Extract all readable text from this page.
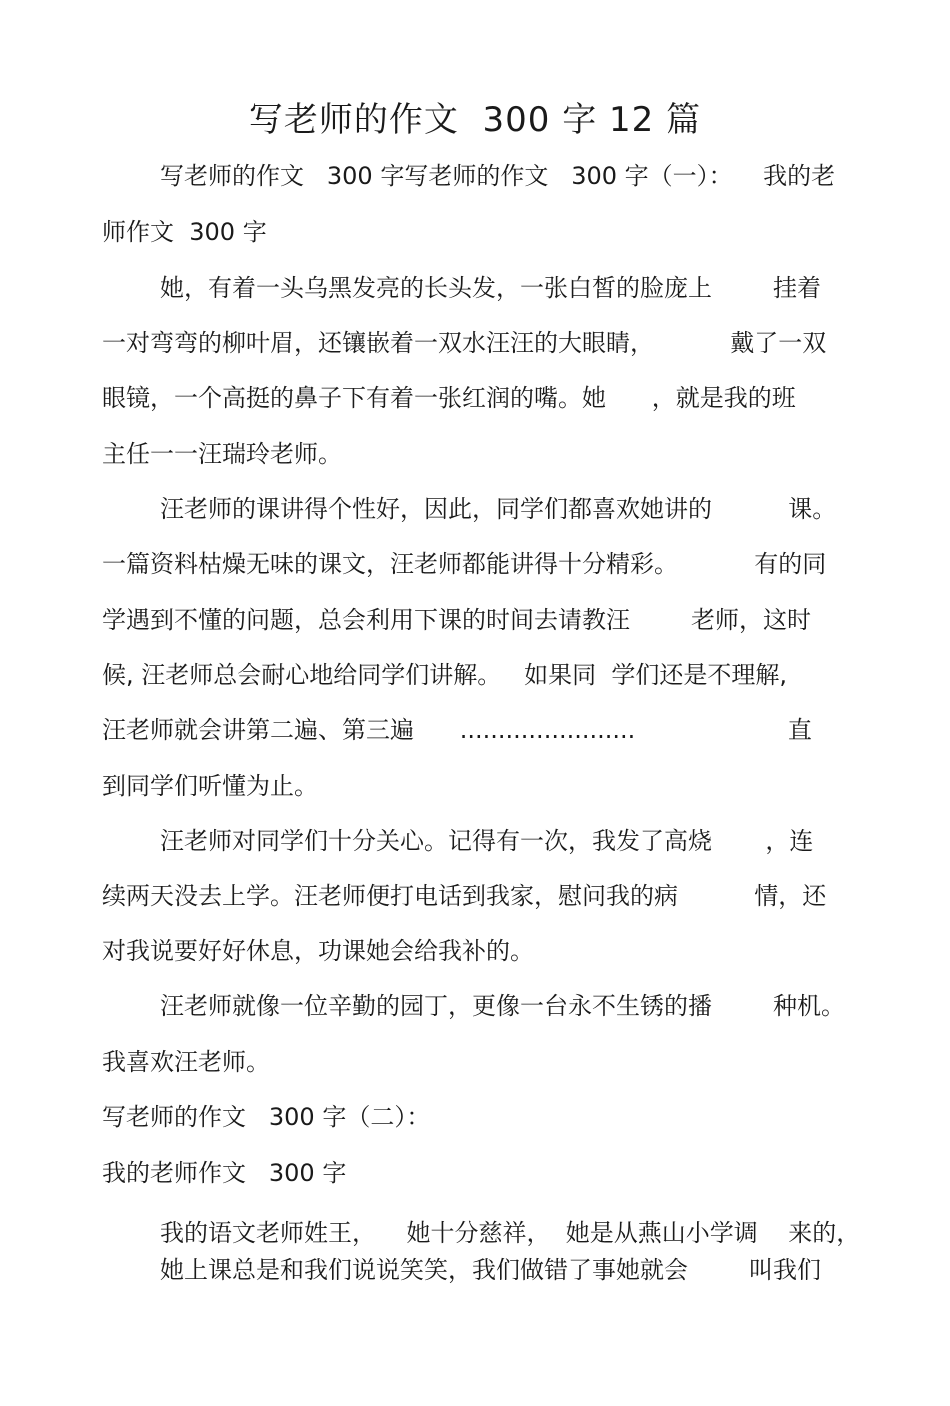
写老师的作文  300 字 12 篇
写老师的作文   300 字写老师的作文   300 字（一）：    我的老
师作文  300 字
她，有着一头乌黑发亮的长头发，一张白皙的脸庞上        挂着
一对弯弯的柳叶眉，还镶嵌着一双水汪汪的大眼睛，          戴了一双
眼镜，一个高挺的鼻子下有着一张红润的嘴。她      ，就是我的班
主任一一汪瑞玲老师。
汪老师的课讲得个性好，因此，同学们都喜欢她讲的          课。
一篇资料枯燥无味的课文，汪老师都能讲得十分精彩。          有的同
学遇到不懂的问题，总会利用下课的时间去请教汪        老师，这时
候, 汪老师总会耐心地给同学们讲解。   如果同  学们还是不理解,
汪老师就会讲第二遍、第三遍      .......................                    直
到同学们听懂为止。
汪老师对同学们十分关心。记得有一次，我发了高烧       ，连
续两天没去上学。汪老师便打电话到我家，慰问我的病          情，还
对我说要好好休息，功课她会给我补的。
汪老师就像一位辛勤的园丁，更像一台永不生锈的播        种机。
我喜欢汪老师。
写老师的作文   300 字（二）：
我的老师作文   300 字
我的语文老师姓王，    她十分慈祥，  她是从燕山小学调    来的，
她上课总是和我们说说笑笑，我们做错了事她就会        叫我们
